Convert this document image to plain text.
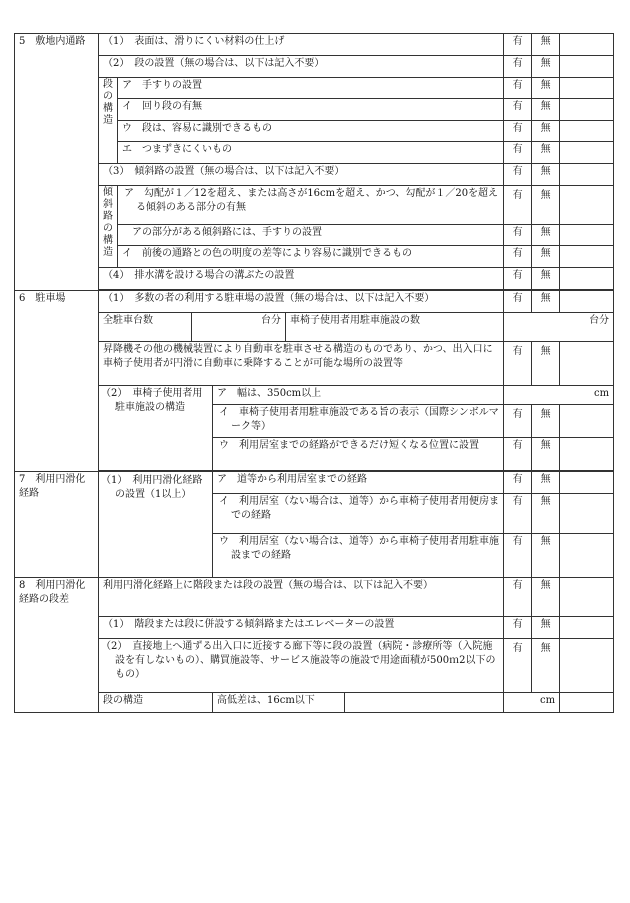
5　敷地内通路	（1）　表面は、滑りにくい材料の仕上げ						有	無	
	（2）　段の設置（無の場合は、以下は記入不要）						有	無	
	段の構造	ア　手すりの設置					有	無	
		イ　回り段の有無					有	無	
		ウ　段は、容易に識別できるもの					有	無	
		エ　つまずきにくいもの					有	無	
	（3）　傾斜路の設置（無の場合は、以下は記入不要）						有	無	
	傾斜路の構造	ア　勾配が１／12を超え、または高さが16cmを超え、かつ、勾配が１／20を超える傾斜のある部分の有無					有	無	
		アの部分がある傾斜路には、手すりの設置					有	無	
		イ　前後の通路との色の明度の差等により容易に識別できるもの					有	無	
	（4）　排水溝を設ける場合の溝ぶたの設置						有	無	

6　駐車場	（1）　多数の者の利用する駐車場の設置（無の場合は、以下は記入不要）						有	無	
	全駐車台数		台分		車椅子使用者用駐車施設の数		台分		
	昇降機その他の機械装置により自動車を駐車させる構造のものであり、かつ、出入口に車椅子使用者が円滑に自動車に乗降することが可能な場所の設置等						有	無	
	（2）　車椅子使用者用駐車施設の構造			ア　幅は、350cm以上			cm		
				イ　車椅子使用者用駐車施設である旨の表示（国際シンボルマーク等）			有	無	
				ウ　利用居室までの経路ができるだけ短くなる位置に設置			有	無	

7　利用円滑化経路	（1）　利用円滑化経路の設置（1以上）			ア　道等から利用居室までの経路			有	無	
				イ　利用居室（ない場合は、道等）から車椅子使用者用便房までの経路			有	無	
				ウ　利用居室（ない場合は、道等）から車椅子使用者用駐車施設までの経路			有	無	
8　利用円滑化経路の段差	利用円滑化経路上に階段または段の設置（無の場合は、以下は記入不要）						有	無	
	（1）　階段または段に併設する傾斜路またはエレベーターの設置						有	無	
	（2）　直接地上へ通ずる出入口に近接する廊下等に段の設置（病院・診療所等（入院施設を有しないもの）、購買施設等、サービス施設等の施設で用途面積が500ｍ2以下のもの）						有	無	
	段の構造			高低差は、16cm以下			cm		
